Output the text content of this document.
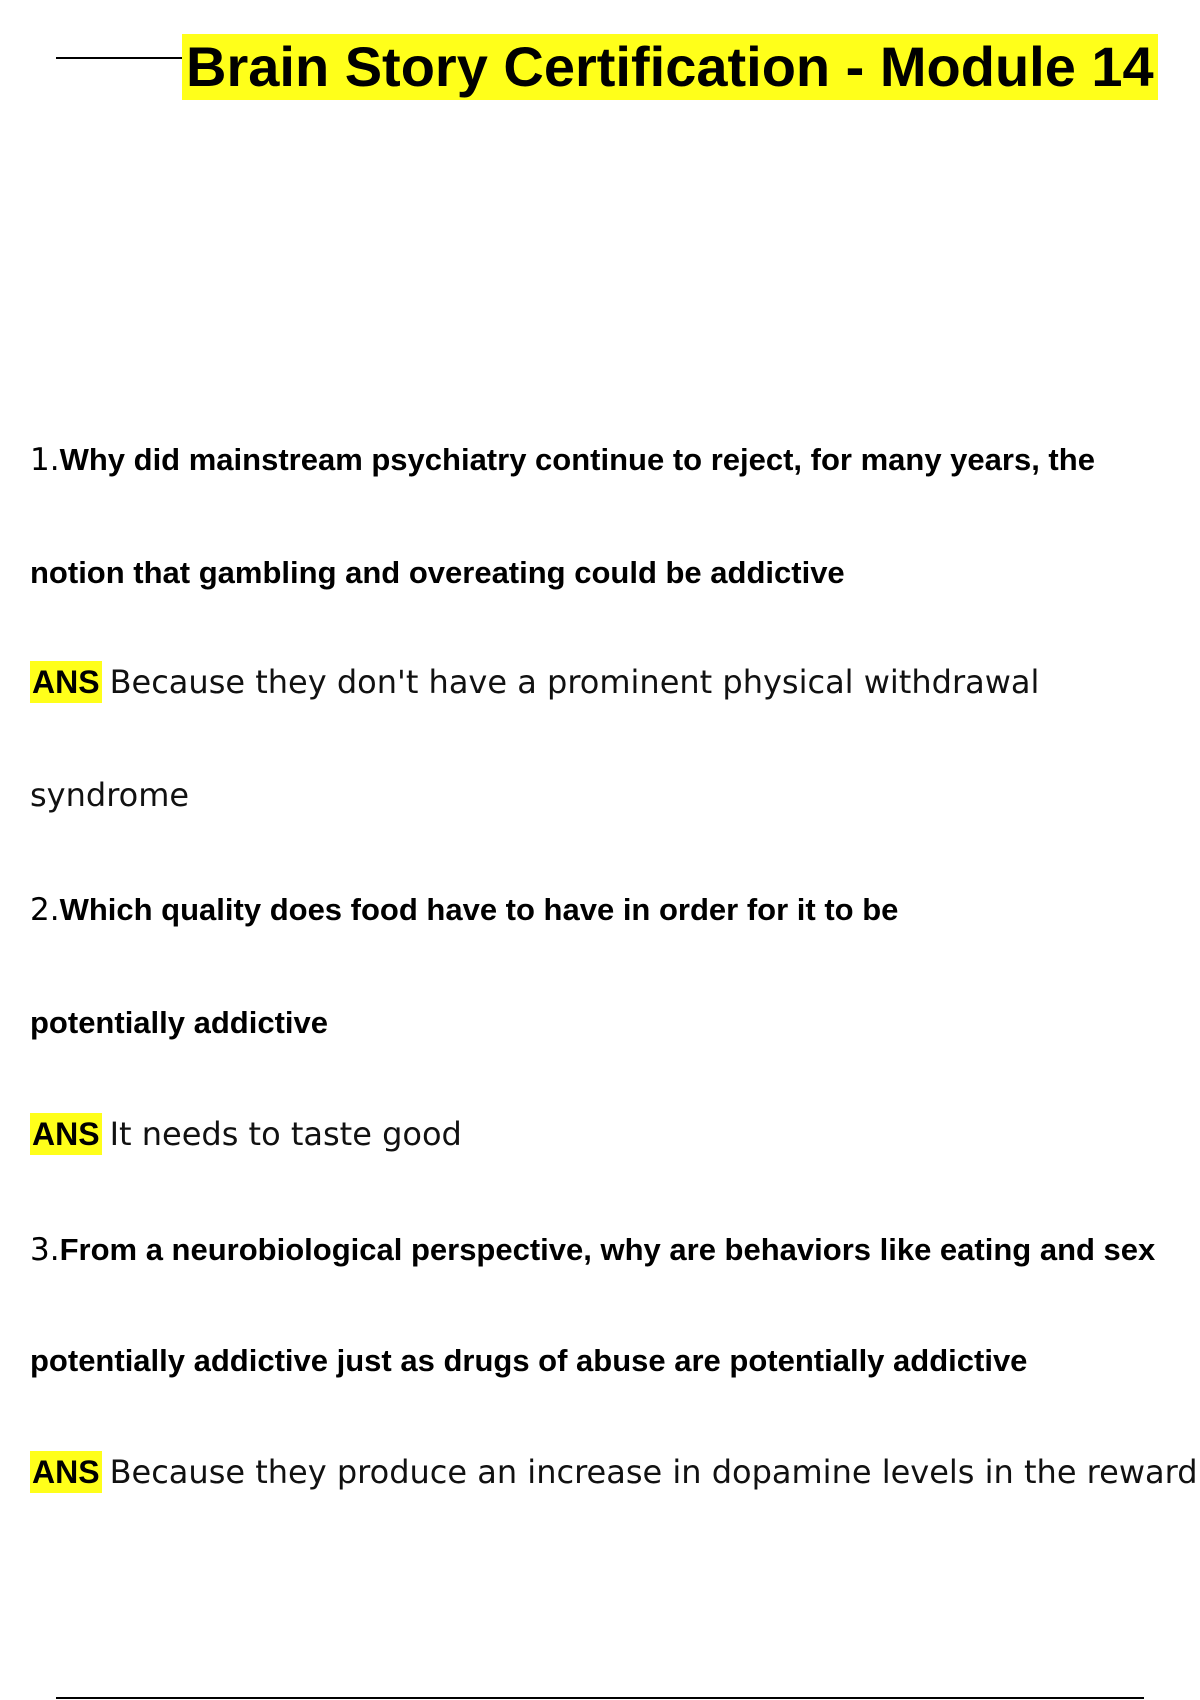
Brain Story Certification - Module 14
1.Why did mainstream psychiatry continue to reject, for many years, the
notion that gambling and overeating could be addictive
ANS Because they don't have a prominent physical withdrawal
syndrome
2.Which quality does food have to have in order for it to be
potentially addictive
ANS It needs to taste good
3.From a neurobiological perspective, why are behaviors like eating and sex
potentially addictive just as drugs of abuse are potentially addictive
ANS Because they produce an increase in dopamine levels in the reward
